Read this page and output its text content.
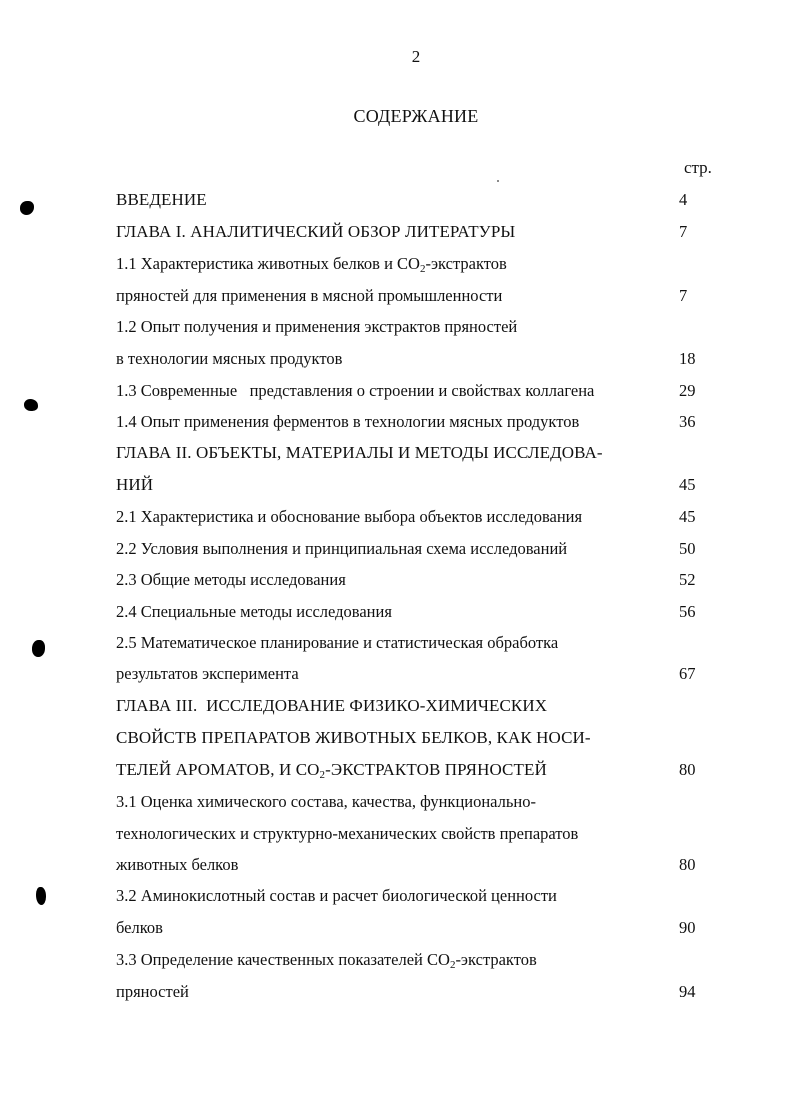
2
СОДЕРЖАНИЕ
стр.
ВВЕДЕНИЕ	4
ГЛАВА I. АНАЛИТИЧЕСКИЙ ОБЗОР ЛИТЕРАТУРЫ	7
1.1 Характеристика животных белков и $CO_2$-экстрактов
пряностей для применения в мясной промышленности	7
1.2 Опыт получения и применения экстрактов пряностей
в технологии мясных продуктов	18
1.3 Современные   представления о строении и свойствах коллагена	29
1.4 Опыт применения ферментов в технологии мясных продуктов	36
ГЛАВА II. ОБЪЕКТЫ, МАТЕРИАЛЫ И МЕТОДЫ ИССЛЕДОВА-
НИЙ	45
2.1 Характеристика и обоснование выбора объектов исследования	45
2.2 Условия выполнения и принципиальная схема исследований	50
2.3 Общие методы исследования	52
2.4 Специальные методы исследования	56
2.5 Математическое планирование и статистическая обработка
результатов эксперимента	67
ГЛАВА III.  ИССЛЕДОВАНИЕ ФИЗИКО-ХИМИЧЕСКИХ
СВОЙСТВ ПРЕПАРАТОВ ЖИВОТНЫХ БЕЛКОВ, КАК НОСИ-
ТЕЛЕЙ АРОМАТОВ, И $CO_2$-ЭКСТРАКТОВ ПРЯНОСТЕЙ	80
3.1 Оценка химического состава, качества, функционально-
технологических и структурно-механических свойств препаратов
животных белков	80
3.2 Аминокислотный состав и расчет биологической ценности
белков	90
3.3 Определение качественных показателей $CO_2$-экстрактов
пряностей	94
